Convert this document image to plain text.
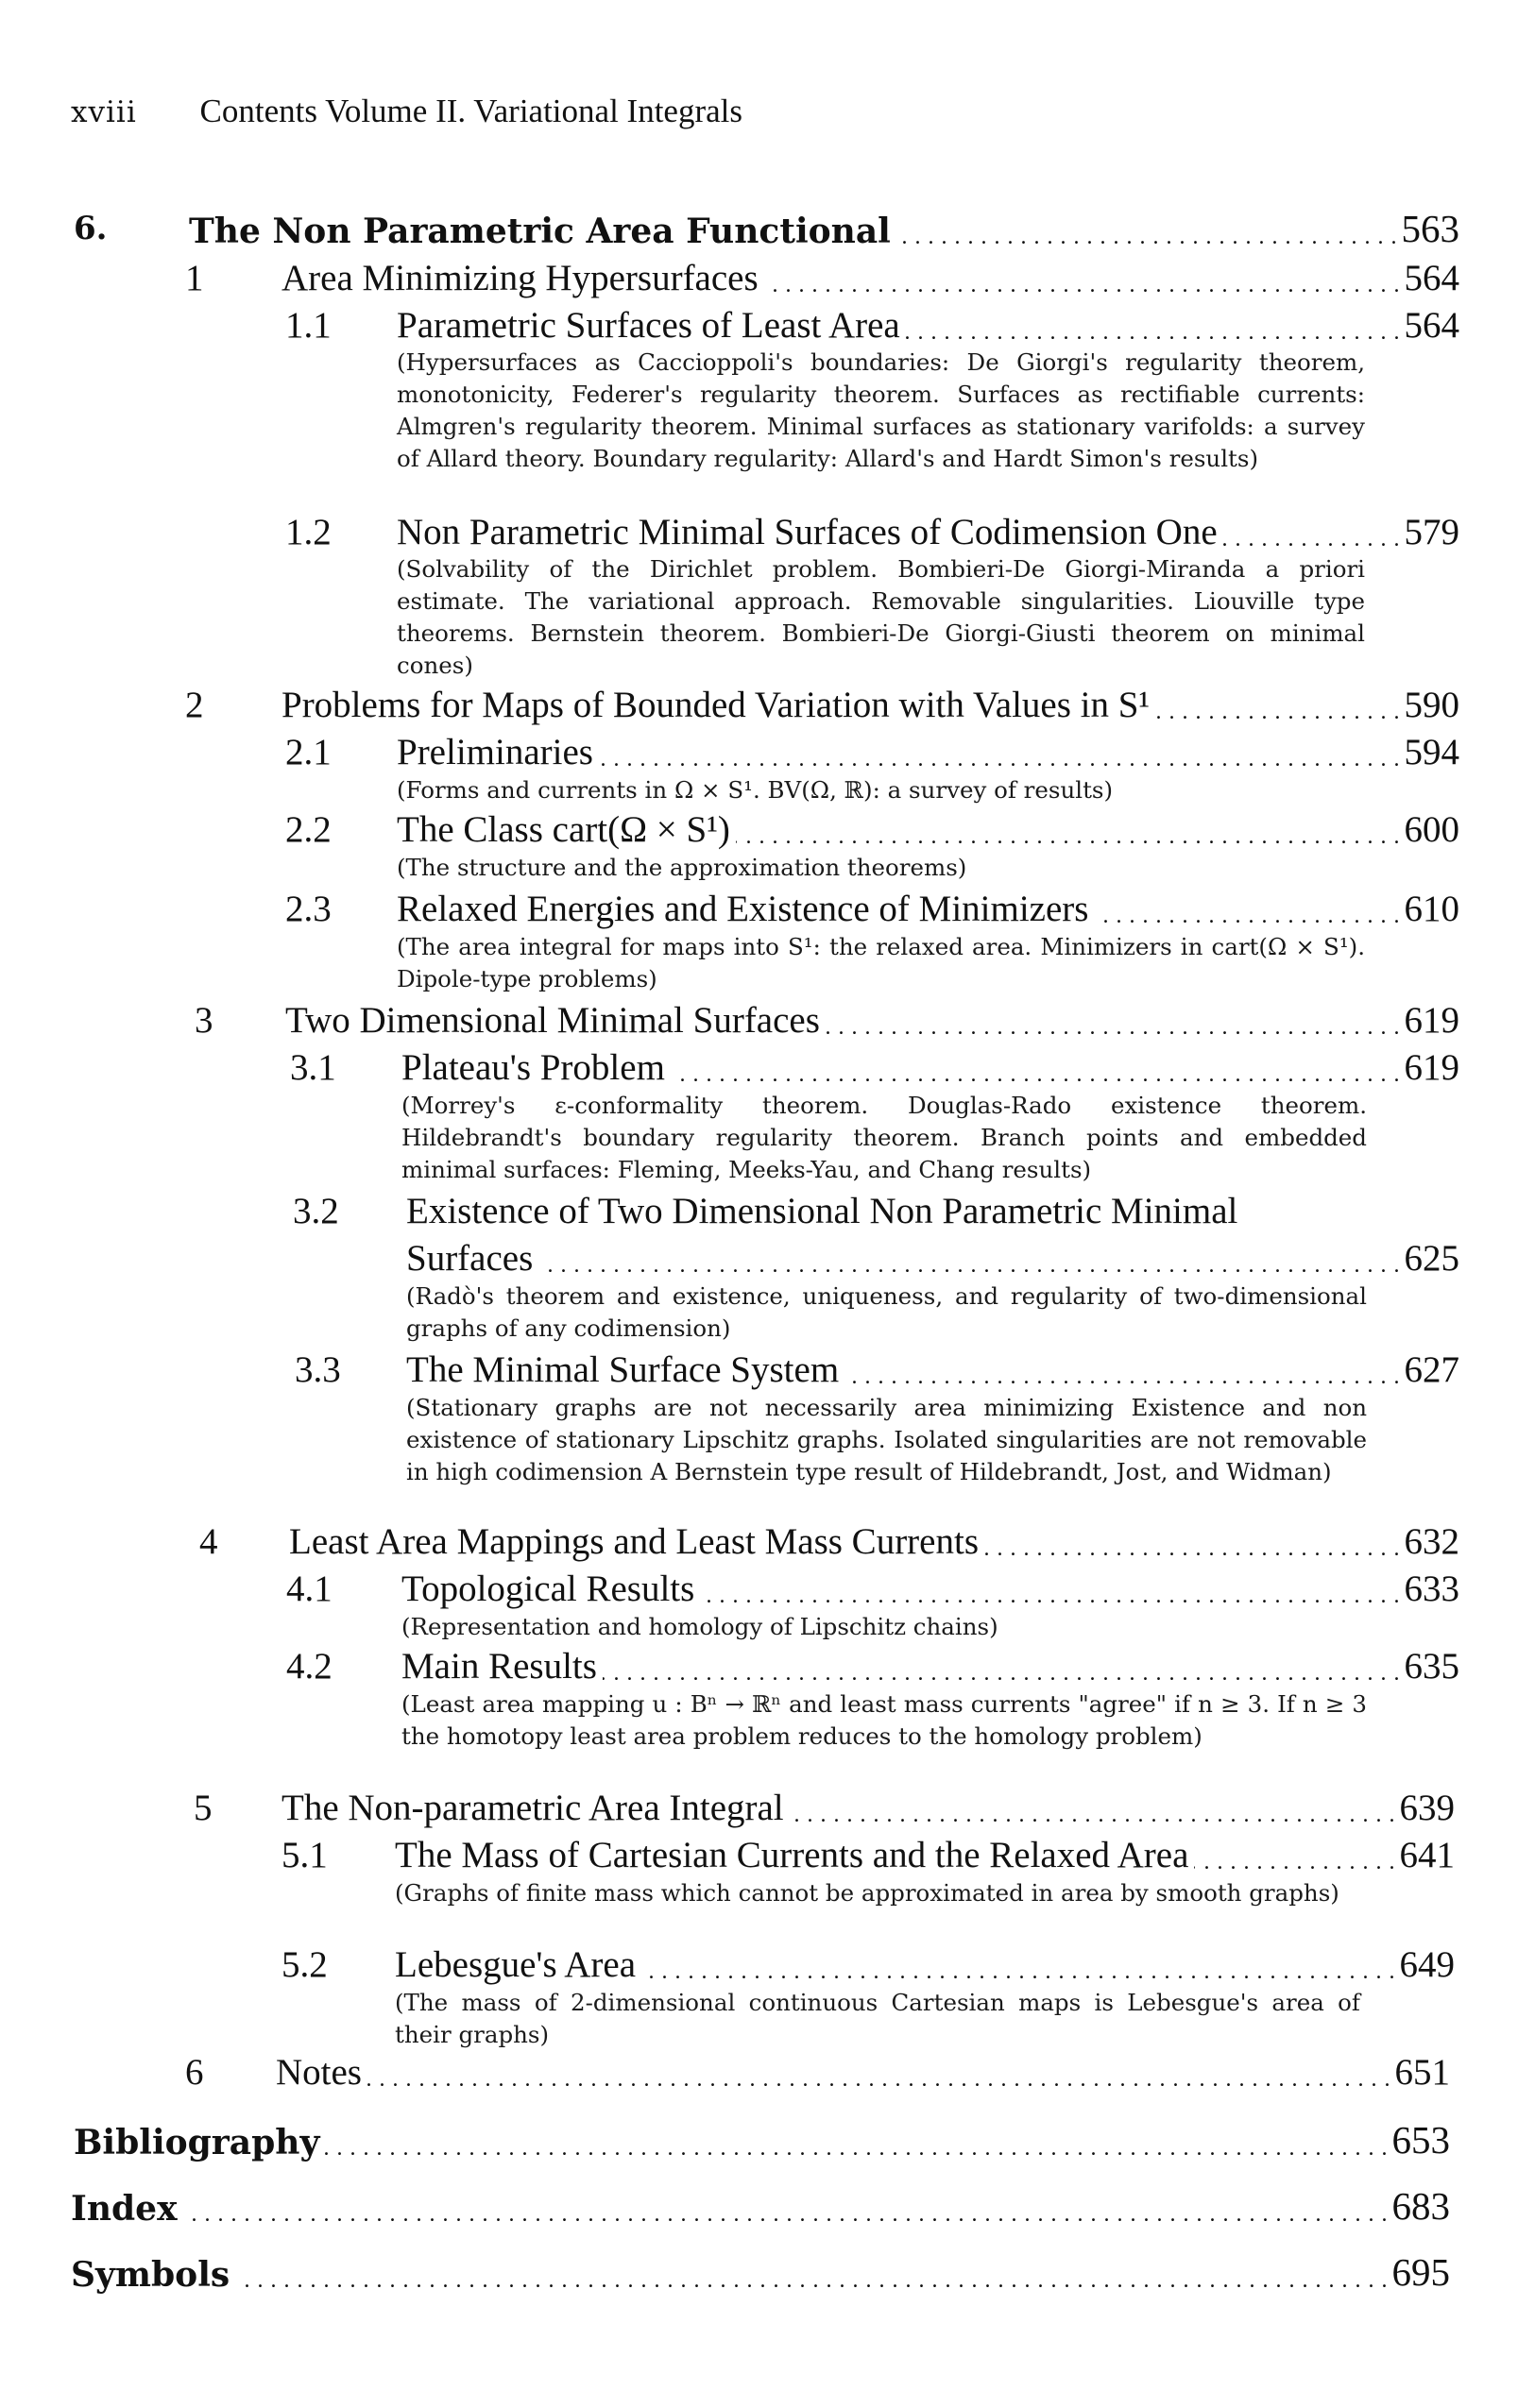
xviii Contents Volume II. Variational Integrals
6. The Non Parametric Area Functional . . .	563
1 Area Minimizing Hypersurfaces . . .	564
1.1 Parametric Surfaces of Least Area . . .	564
(Hypersurfaces as Caccioppoli's boundaries: De Giorgi's regularity theorem, monotonicity, Federer's regularity theorem. Surfaces as rectifiable currents: Almgren's regularity theorem. Minimal surfaces as stationary varifolds: a survey of Allard theory. Boundary regularity: Allard's and Hardt Simon's results)
1.2 Non Parametric Minimal Surfaces of Codimension One . . .	579
(Solvability of the Dirichlet problem. Bombieri-De Giorgi-Miranda a priori estimate. The variational approach. Removable singularities. Liouville type theorems. Bernstein theorem. Bombieri-De Giorgi-Giusti theorem on minimal cones)
2 Problems for Maps of Bounded Variation with Values in S¹ . . .	590
2.1 Preliminaries . . .	594
(Forms and currents in Ω × S¹. BV(Ω, ℝ): a survey of results)
2.2 The Class cart(Ω × S¹) . . .	600
(The structure and the approximation theorems)
2.3 Relaxed Energies and Existence of Minimizers . . .	610
(The area integral for maps into S¹: the relaxed area. Minimizers in cart(Ω × S¹). Dipole-type problems)
3 Two Dimensional Minimal Surfaces . . .	619
3.1 Plateau's Problem . . .	619
(Morrey's ε-conformality theorem. Douglas-Rado existence theorem. Hildebrandt's boundary regularity theorem. Branch points and embedded minimal surfaces: Fleming, Meeks-Yau, and Chang results)
3.2 Existence of Two Dimensional Non Parametric Minimal
Surfaces . . .	625
(Radò's theorem and existence, uniqueness, and regularity of two-dimensional graphs of any codimension)
3.3 The Minimal Surface System . . .	627
(Stationary graphs are not necessarily area minimizing Existence and non existence of stationary Lipschitz graphs. Isolated singularities are not removable in high codimension A Bernstein type result of Hildebrandt, Jost, and Widman)
4 Least Area Mappings and Least Mass Currents . . .	632
4.1 Topological Results . . .	633
(Representation and homology of Lipschitz chains)
4.2 Main Results . . .	635
(Least area mapping u : Bⁿ → ℝⁿ and least mass currents "agree" if n ≥ 3. If n ≥ 3 the homotopy least area problem reduces to the homology problem)
5 The Non-parametric Area Integral . . .	639
5.1 The Mass of Cartesian Currents and the Relaxed Area . . .	641
(Graphs of finite mass which cannot be approximated in area by smooth graphs)
5.2 Lebesgue's Area . . .	649
(The mass of 2-dimensional continuous Cartesian maps is Lebesgue's area of their graphs)
6 Notes . . .	651
Bibliography . . .	653
Index . . .	683
Symbols . . .	695
